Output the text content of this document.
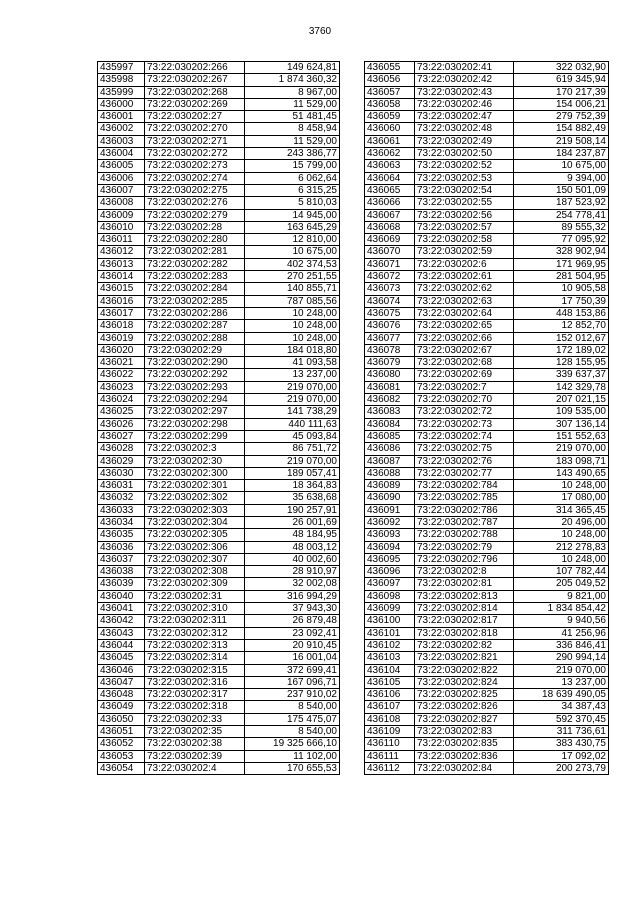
3760
435997	73:22:030202:266	149 624,81
435998	73:22:030202:267	1 874 360,32
435999	73:22:030202:268	8 967,00
436000	73:22:030202:269	11 529,00
436001	73:22:030202:27	51 481,45
436002	73:22:030202:270	8 458,94
436003	73:22:030202:271	11 529,00
436004	73:22:030202:272	243 386,77
436005	73:22:030202:273	15 799,00
436006	73:22:030202:274	6 062,64
436007	73:22:030202:275	6 315,25
436008	73:22:030202:276	5 810,03
436009	73:22:030202:279	14 945,00
436010	73:22:030202:28	163 645,29
436011	73:22:030202:280	12 810,00
436012	73:22:030202:281	10 675,00
436013	73:22:030202:282	402 374,53
436014	73:22:030202:283	270 251,55
436015	73:22:030202:284	140 855,71
436016	73:22:030202:285	787 085,56
436017	73:22:030202:286	10 248,00
436018	73:22:030202:287	10 248,00
436019	73:22:030202:288	10 248,00
436020	73:22:030202:29	184 018,80
436021	73:22:030202:290	41 093,58
436022	73:22:030202:292	13 237,00
436023	73:22:030202:293	219 070,00
436024	73:22:030202:294	219 070,00
436025	73:22:030202:297	141 738,29
436026	73:22:030202:298	440 111,63
436027	73:22:030202:299	45 093,84
436028	73:22:030202:3	86 751,72
436029	73:22:030202:30	219 070,00
436030	73:22:030202:300	189 057,41
436031	73:22:030202:301	18 364,83
436032	73:22:030202:302	35 638,68
436033	73:22:030202:303	190 257,91
436034	73:22:030202:304	26 001,69
436035	73:22:030202:305	48 184,95
436036	73:22:030202:306	48 003,12
436037	73:22:030202:307	40 002,60
436038	73:22:030202:308	28 910,97
436039	73:22:030202:309	32 002,08
436040	73:22:030202:31	316 994,29
436041	73:22:030202:310	37 943,30
436042	73:22:030202:311	26 879,48
436043	73:22:030202:312	23 092,41
436044	73:22:030202:313	20 910,45
436045	73:22:030202:314	16 001,04
436046	73:22:030202:315	372 699,41
436047	73:22:030202:316	167 096,71
436048	73:22:030202:317	237 910,02
436049	73:22:030202:318	8 540,00
436050	73:22:030202:33	175 475,07
436051	73:22:030202:35	8 540,00
436052	73:22:030202:38	19 325 666,10
436053	73:22:030202:39	11 102,00
436054	73:22:030202:4	170 655,53
436055	73:22:030202:41	322 032,90
436056	73:22:030202:42	619 345,94
436057	73:22:030202:43	170 217,39
436058	73:22:030202:46	154 006,21
436059	73:22:030202:47	279 752,39
436060	73:22:030202:48	154 882,49
436061	73:22:030202:49	219 508,14
436062	73:22:030202:50	184 237,87
436063	73:22:030202:52	10 675,00
436064	73:22:030202:53	9 394,00
436065	73:22:030202:54	150 501,09
436066	73:22:030202:55	187 523,92
436067	73:22:030202:56	254 778,41
436068	73:22:030202:57	89 555,32
436069	73:22:030202:58	77 095,92
436070	73:22:030202:59	328 902,94
436071	73:22:030202:6	171 969,95
436072	73:22:030202:61	281 504,95
436073	73:22:030202:62	10 905,58
436074	73:22:030202:63	17 750,39
436075	73:22:030202:64	448 153,86
436076	73:22:030202:65	12 852,70
436077	73:22:030202:66	152 012,67
436078	73:22:030202:67	172 189,02
436079	73:22:030202:68	128 155,95
436080	73:22:030202:69	339 637,37
436081	73:22:030202:7	142 329,78
436082	73:22:030202:70	207 021,15
436083	73:22:030202:72	109 535,00
436084	73:22:030202:73	307 136,14
436085	73:22:030202:74	151 552,63
436086	73:22:030202:75	219 070,00
436087	73:22:030202:76	183 098,71
436088	73:22:030202:77	143 490,65
436089	73:22:030202:784	10 248,00
436090	73:22:030202:785	17 080,00
436091	73:22:030202:786	314 365,45
436092	73:22:030202:787	20 496,00
436093	73:22:030202:788	10 248,00
436094	73:22:030202:79	212 278,83
436095	73:22:030202:796	10 248,00
436096	73:22:030202:8	107 782,44
436097	73:22:030202:81	205 049,52
436098	73:22:030202:813	9 821,00
436099	73:22:030202:814	1 834 854,42
436100	73:22:030202:817	9 940,56
436101	73:22:030202:818	41 256,96
436102	73:22:030202:82	336 846,41
436103	73:22:030202:821	290 994,14
436104	73:22:030202:822	219 070,00
436105	73:22:030202:824	13 237,00
436106	73:22:030202:825	18 639 490,05
436107	73:22:030202:826	34 387,43
436108	73:22:030202:827	592 370,45
436109	73:22:030202:83	311 736,61
436110	73:22:030202:835	383 430,75
436111	73:22:030202:836	17 092,02
436112	73:22:030202:84	200 273,79
